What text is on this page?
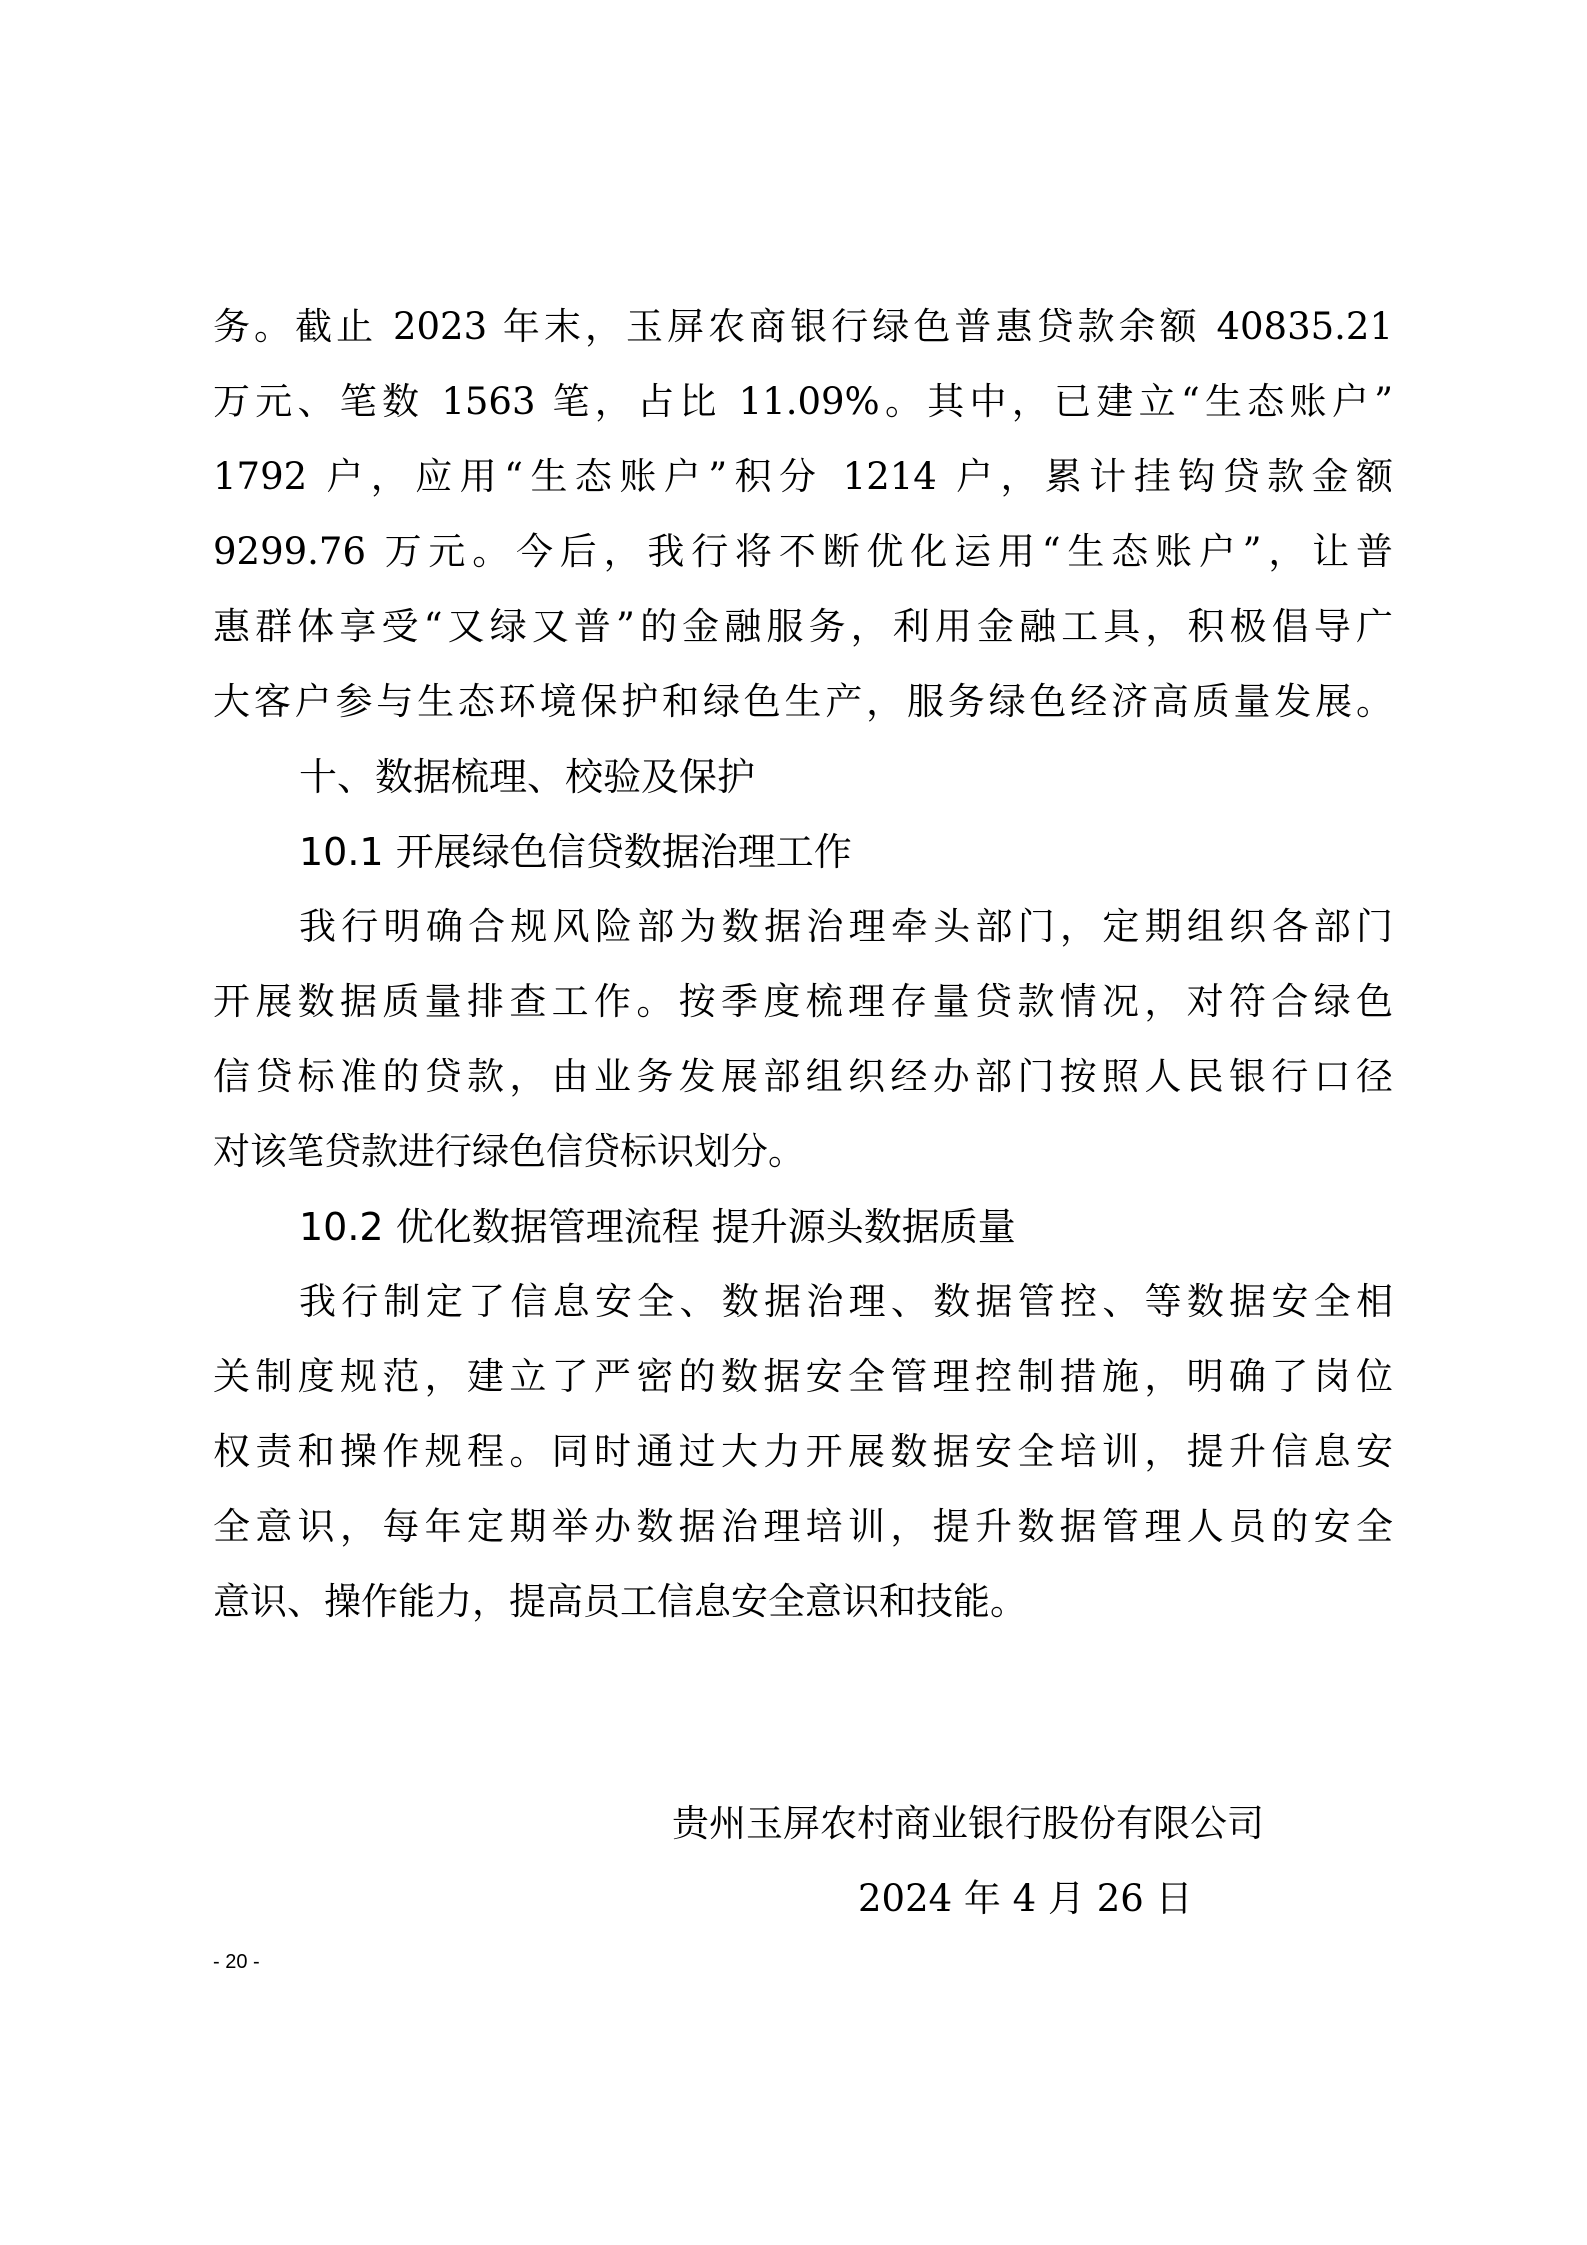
务。截止 2023 年末，玉屏农商银行绿色普惠贷款余额 40835.21
万元、笔数 1563 笔，占比 11.09%。其中，已建立“生态账户”
1792 户，应用“生态账户”积分 1214 户，累计挂钩贷款金额
9299.76 万元。今后，我行将不断优化运用“生态账户”，让普
惠群体享受“又绿又普”的金融服务，利用金融工具，积极倡导广
大客户参与生态环境保护和绿色生产，服务绿色经济高质量发展。
十、数据梳理、校验及保护
10.1 开展绿色信贷数据治理工作
我行明确合规风险部为数据治理牵头部门，定期组织各部门
开展数据质量排查工作。按季度梳理存量贷款情况，对符合绿色
信贷标准的贷款，由业务发展部组织经办部门按照人民银行口径
对该笔贷款进行绿色信贷标识划分。
10.2 优化数据管理流程 提升源头数据质量
我行制定了信息安全、数据治理、数据管控、等数据安全相
关制度规范，建立了严密的数据安全管理控制措施，明确了岗位
权责和操作规程。同时通过大力开展数据安全培训，提升信息安
全意识，每年定期举办数据治理培训，提升数据管理人员的安全
意识、操作能力，提高员工信息安全意识和技能。
贵州玉屏农村商业银行股份有限公司
2024 年 4 月 26 日
- 20 -
